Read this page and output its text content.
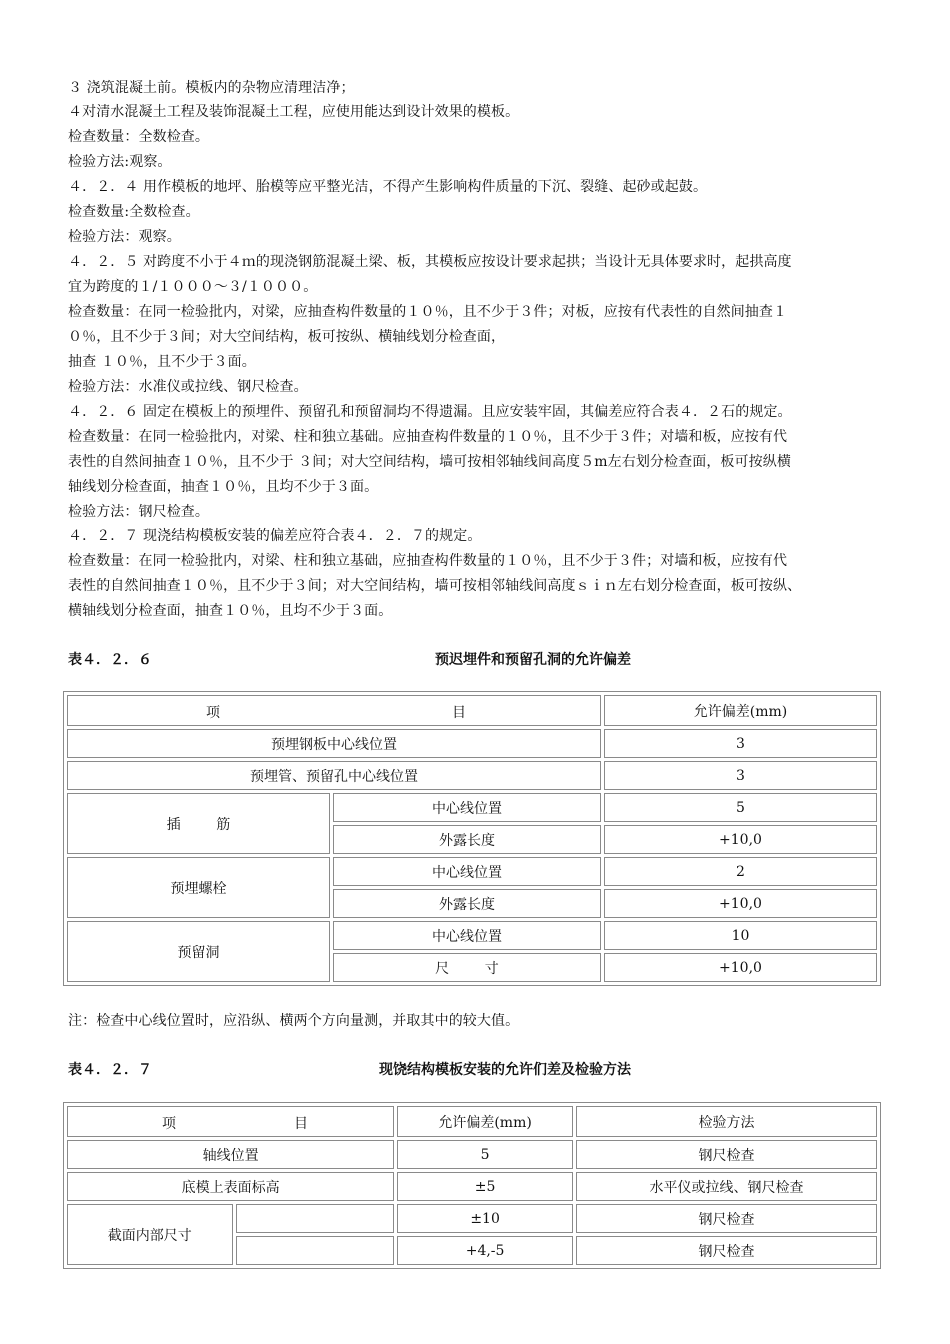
３ 浇筑混凝土前。模板内的杂物应清理洁净；
４对清水混凝土工程及装饰混凝土工程，应使用能达到设计效果的模板。
检查数量：全数检查。
检验方法:观察。
４．２．４ 用作模板的地坪、胎模等应平整光洁，不得产生影响构件质量的下沉、裂缝、起砂或起鼓。
检查数量:全数检查。
检验方法：观察。
４．２．５ 对跨度不小于４ｍ的现浇钢筋混凝土梁、板，其模板应按设计要求起拱；当设计无具体要求时，起拱高度
宜为跨度的１/１０００～３/１０００。
检查数量：在同一检验批内，对梁，应抽查构件数量的１０％，且不少于３件；对板，应按有代表性的自然间抽查１
０％，且不少于３间；对大空间结构，板可按纵、横轴线划分检查面，
抽查 １０％，且不少于３面。
检验方法：水准仪或拉线、钢尺检查。
４．２．６ 固定在模板上的预埋件、预留孔和预留洞均不得遗漏。且应安装牢固，其偏差应符合表４．２石的规定。
检查数量：在同一检验批内，对梁、柱和独立基础。应抽查构件数量的１０％，且不少于３件；对墙和板，应按有代
表性的自然间抽查１０％，且不少于 ３间；对大空间结构，墙可按相邻轴线间高度５m左右划分检查面，板可按纵横
轴线划分检查面，抽查１０％，且均不少于３面。
检验方法：钢尺检查。
４．２．７ 现浇结构模板安装的偏差应符合表４．２．７的规定。
检查数量：在同一检验批内，对梁、柱和独立基础，应抽查构件数量的１０％，且不少于３件；对墙和板，应按有代
表性的自然间抽查１０％，且不少于３间；对大空间结构，墙可按相邻轴线间高度ｓｉｎ左右划分检查面，板可按纵、
横轴线划分检查面，抽查１０％，且均不少于３面。
表４．２．６	预迟埋件和预留孔洞的允许偏差
项 目		允许偏差(mm)
预埋钢板中心线位置		3
预埋管、预留孔中心线位置		3
插        筋	中心线位置	5
	外露长度	+10,0
预埋螺栓	中心线位置	2
	外露长度	+10,0
预留洞	中心线位置	10
	尺        寸	+10,0
注：检查中心线位置时，应沿纵、横两个方向量测，并取其中的较大值。
表４．２．７	现饶结构模板安装的允许们差及检验方法
项 目		允许偏差(mm)	检验方法
轴线位置		5	钢尺检查
底模上表面标高		±5	水平仪或拉线、钢尺检查
截面内部尺寸		±10	钢尺检查
		+4,-5	钢尺检查
